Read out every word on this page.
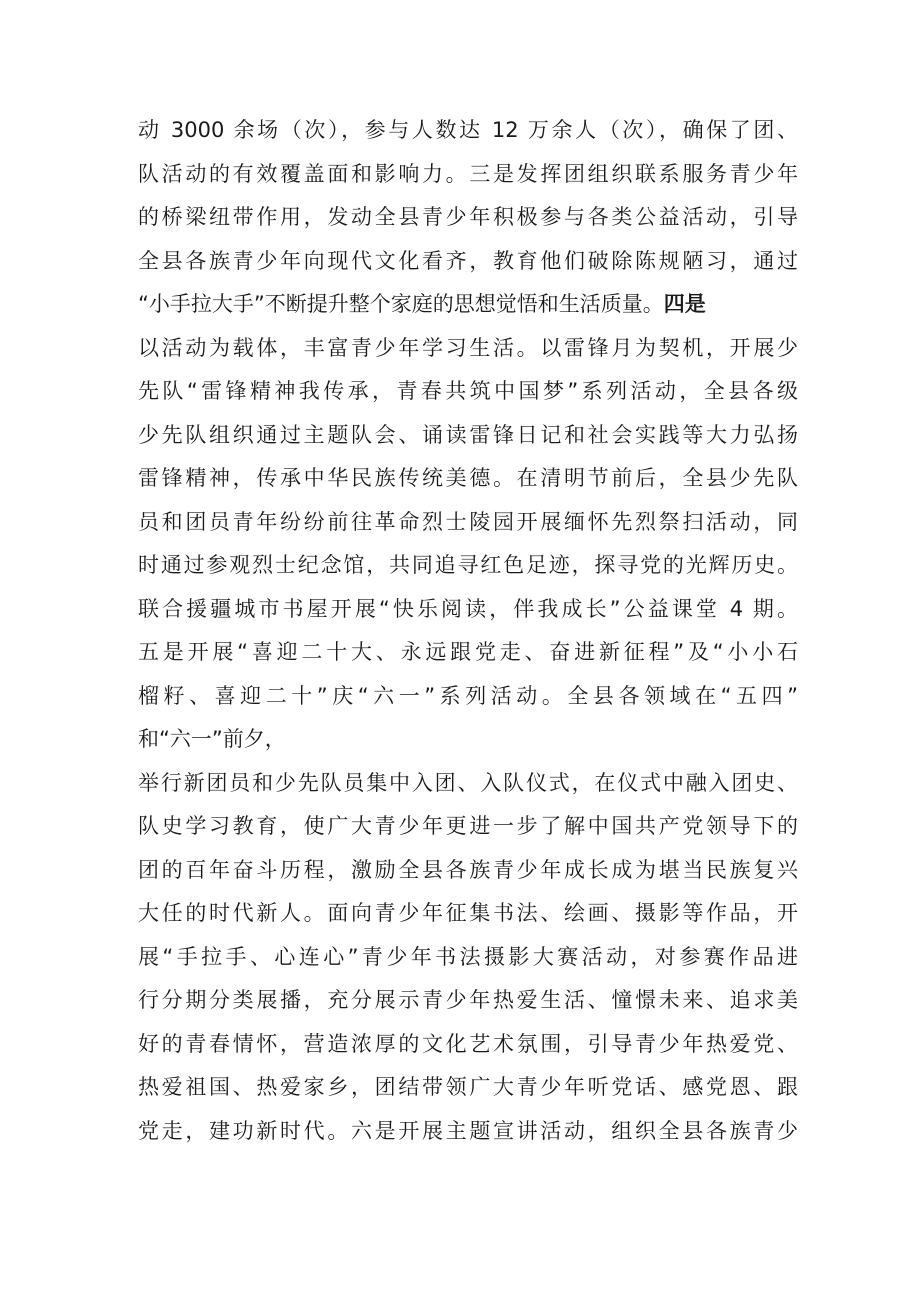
动 3000 余场（次），参与人数达 12 万余人（次），确保了团、
队活动的有效覆盖面和影响力。三是发挥团组织联系服务青少年
的桥梁纽带作用，发动全县青少年积极参与各类公益活动，引导
全县各族青少年向现代文化看齐，教育他们破除陈规陋习，通过
“小手拉大手”不断提升整个家庭的思想觉悟和生活质量。四是
以活动为载体，丰富青少年学习生活。以雷锋月为契机，开展少
先队“雷锋精神我传承，青春共筑中国梦”系列活动，全县各级
少先队组织通过主题队会、诵读雷锋日记和社会实践等大力弘扬
雷锋精神，传承中华民族传统美德。在清明节前后，全县少先队
员和团员青年纷纷前往革命烈士陵园开展缅怀先烈祭扫活动，同
时通过参观烈士纪念馆，共同追寻红色足迹，探寻党的光辉历史。
联合援疆城市书屋开展“快乐阅读，伴我成长”公益课堂 4 期。
五是开展“喜迎二十大、永远跟党走、奋进新征程”及“小小石
榴籽、喜迎二十”庆“六一”系列活动。全县各领域在“五四”
和“六一”前夕，
举行新团员和少先队员集中入团、入队仪式，在仪式中融入团史、
队史学习教育，使广大青少年更进一步了解中国共产党领导下的
团的百年奋斗历程，激励全县各族青少年成长成为堪当民族复兴
大任的时代新人。面向青少年征集书法、绘画、摄影等作品，开
展“手拉手、心连心”青少年书法摄影大赛活动，对参赛作品进
行分期分类展播，充分展示青少年热爱生活、憧憬未来、追求美
好的青春情怀，营造浓厚的文化艺术氛围，引导青少年热爱党、
热爱祖国、热爱家乡，团结带领广大青少年听党话、感党恩、跟
党走，建功新时代。六是开展主题宣讲活动，组织全县各族青少
